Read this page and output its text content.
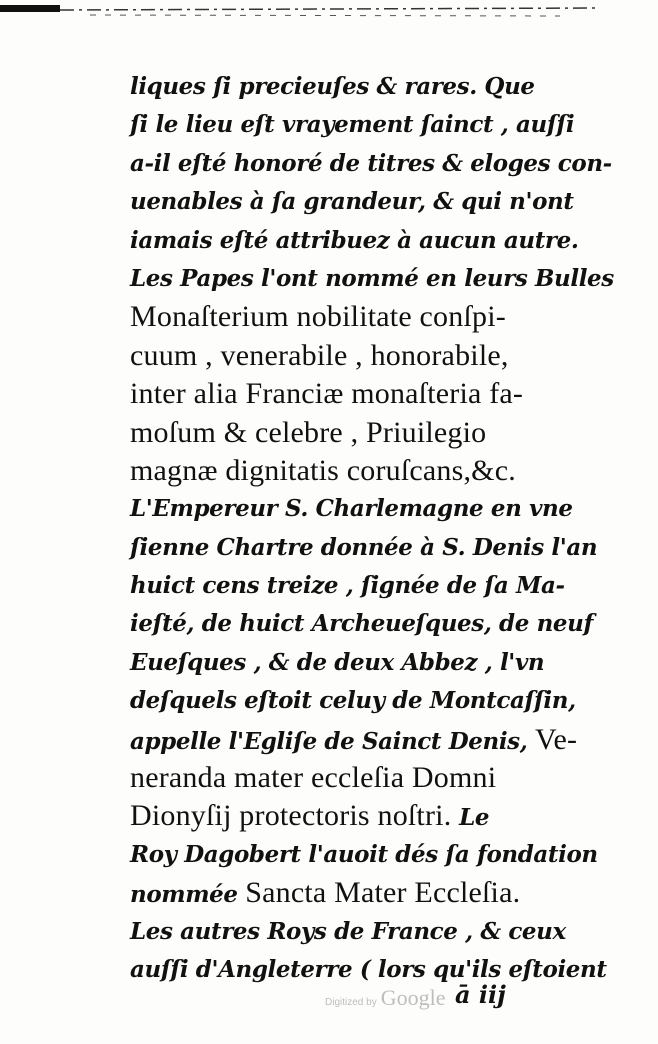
liques ſi precieuſes & rares. Que
ſi le lieu eſt vrayement ſainct , auſſi
a-il eſté honoré de titres & eloges con-
uenables à ſa grandeur, & qui n'ont
iamais eſté attribuez à aucun autre.
Les Papes l'ont nommé en leurs Bulles
Monaſterium nobilitate conſpi-
cuum , venerabile , honorabile,
inter alia Franciæ monaſteria fa-
moſum & celebre , Priuilegio
magnæ dignitatis coruſcans,&c.
L'Empereur S. Charlemagne en vne
ſienne Chartre donnée à S. Denis l'an
huict cens treize , ſignée de ſa Ma-
ieſté, de huict Archeueſques, de neuf
Eueſques , & de deux Abbez , l'vn
deſquels eſtoit celuy de Montcaſſin,
appelle l'Egliſe de Sainct Denis, Ve-
neranda mater eccleſia Domni
Dionyſij protectoris noſtri. Le
Roy Dagobert l'auoit dés ſa fondation
nommée Sancta Mater Eccleſia.
Les autres Roys de France , & ceux
auſſi d'Angleterre ( lors qu'ils eſtoient
Digitized by Google ā iij
